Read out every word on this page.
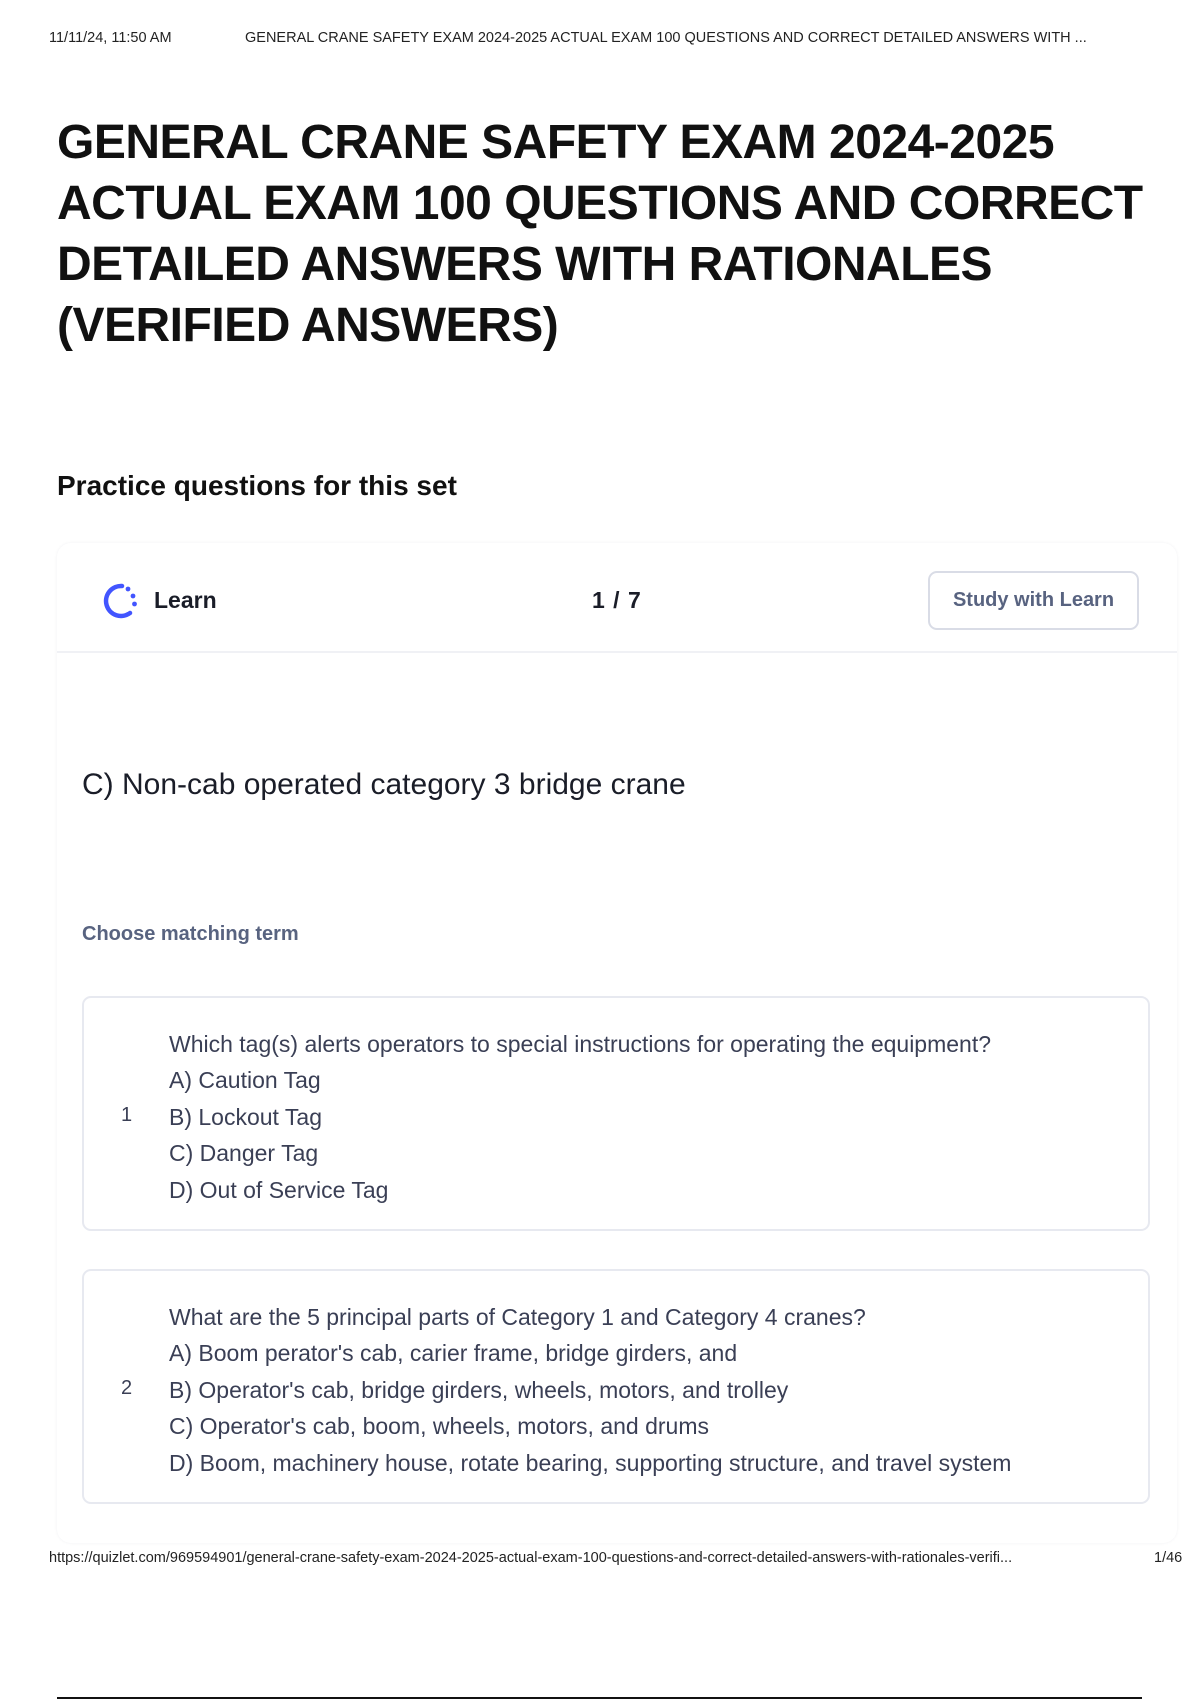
11/11/24, 11:50 AM	GENERAL CRANE SAFETY EXAM 2024-2025 ACTUAL EXAM 100 QUESTIONS AND CORRECT DETAILED ANSWERS WITH ...
GENERAL CRANE SAFETY EXAM 2024-2025 ACTUAL EXAM 100 QUESTIONS AND CORRECT DETAILED ANSWERS WITH RATIONALES (VERIFIED ANSWERS)
Practice questions for this set
Learn	1 / 7	Study with Learn
C) Non-cab operated category 3 bridge crane
Choose matching term
1
Which tag(s) alerts operators to special instructions for operating the equipment?
A) Caution Tag
B) Lockout Tag
C) Danger Tag
D) Out of Service Tag
2
What are the 5 principal parts of Category 1 and Category 4 cranes?
A) Boom perator's cab, carier frame, bridge girders, and
B) Operator's cab, bridge girders, wheels, motors, and trolley
C) Operator's cab, boom, wheels, motors, and drums
D) Boom, machinery house, rotate bearing, supporting structure, and travel system
https://quizlet.com/969594901/general-crane-safety-exam-2024-2025-actual-exam-100-questions-and-correct-detailed-answers-with-rationales-verifi...	1/46
